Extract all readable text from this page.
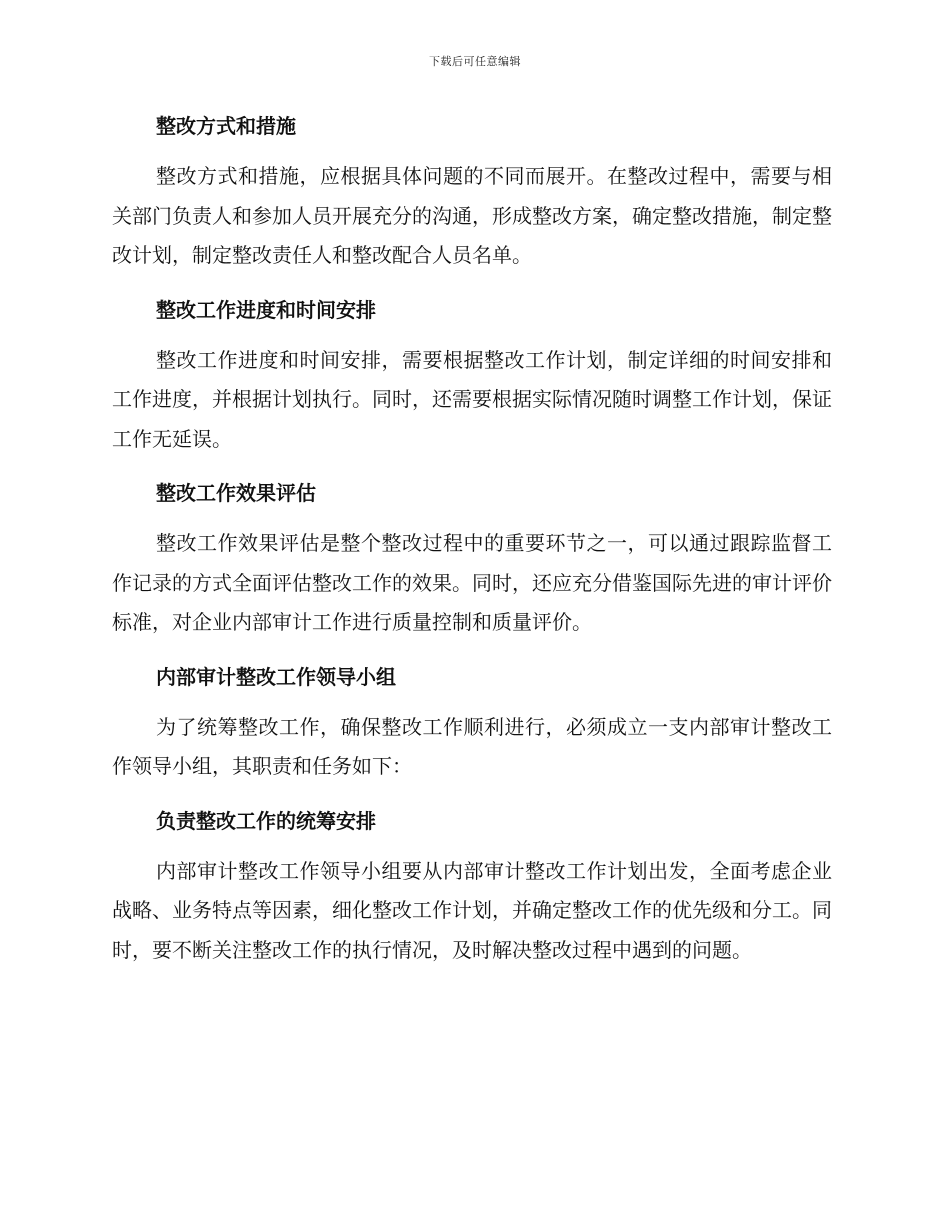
下载后可任意编辑
整改方式和措施

整改方式和措施，应根据具体问题的不同而展开。在整改过程中，需要与相关部门负责人和参加人员开展充分的沟通，形成整改方案，确定整改措施，制定整改计划，制定整改责任人和整改配合人员名单。

整改工作进度和时间安排

整改工作进度和时间安排，需要根据整改工作计划，制定详细的时间安排和工作进度，并根据计划执行。同时，还需要根据实际情况随时调整工作计划，保证工作无延误。

整改工作效果评估

整改工作效果评估是整个整改过程中的重要环节之一，可以通过跟踪监督工作记录的方式全面评估整改工作的效果。同时，还应充分借鉴国际先进的审计评价标准，对企业内部审计工作进行质量控制和质量评价。

内部审计整改工作领导小组

为了统筹整改工作，确保整改工作顺利进行，必须成立一支内部审计整改工作领导小组，其职责和任务如下：

负责整改工作的统筹安排

内部审计整改工作领导小组要从内部审计整改工作计划出发，全面考虑企业战略、业务特点等因素，细化整改工作计划，并确定整改工作的优先级和分工。同时，要不断关注整改工作的执行情况，及时解决整改过程中遇到的问题。
